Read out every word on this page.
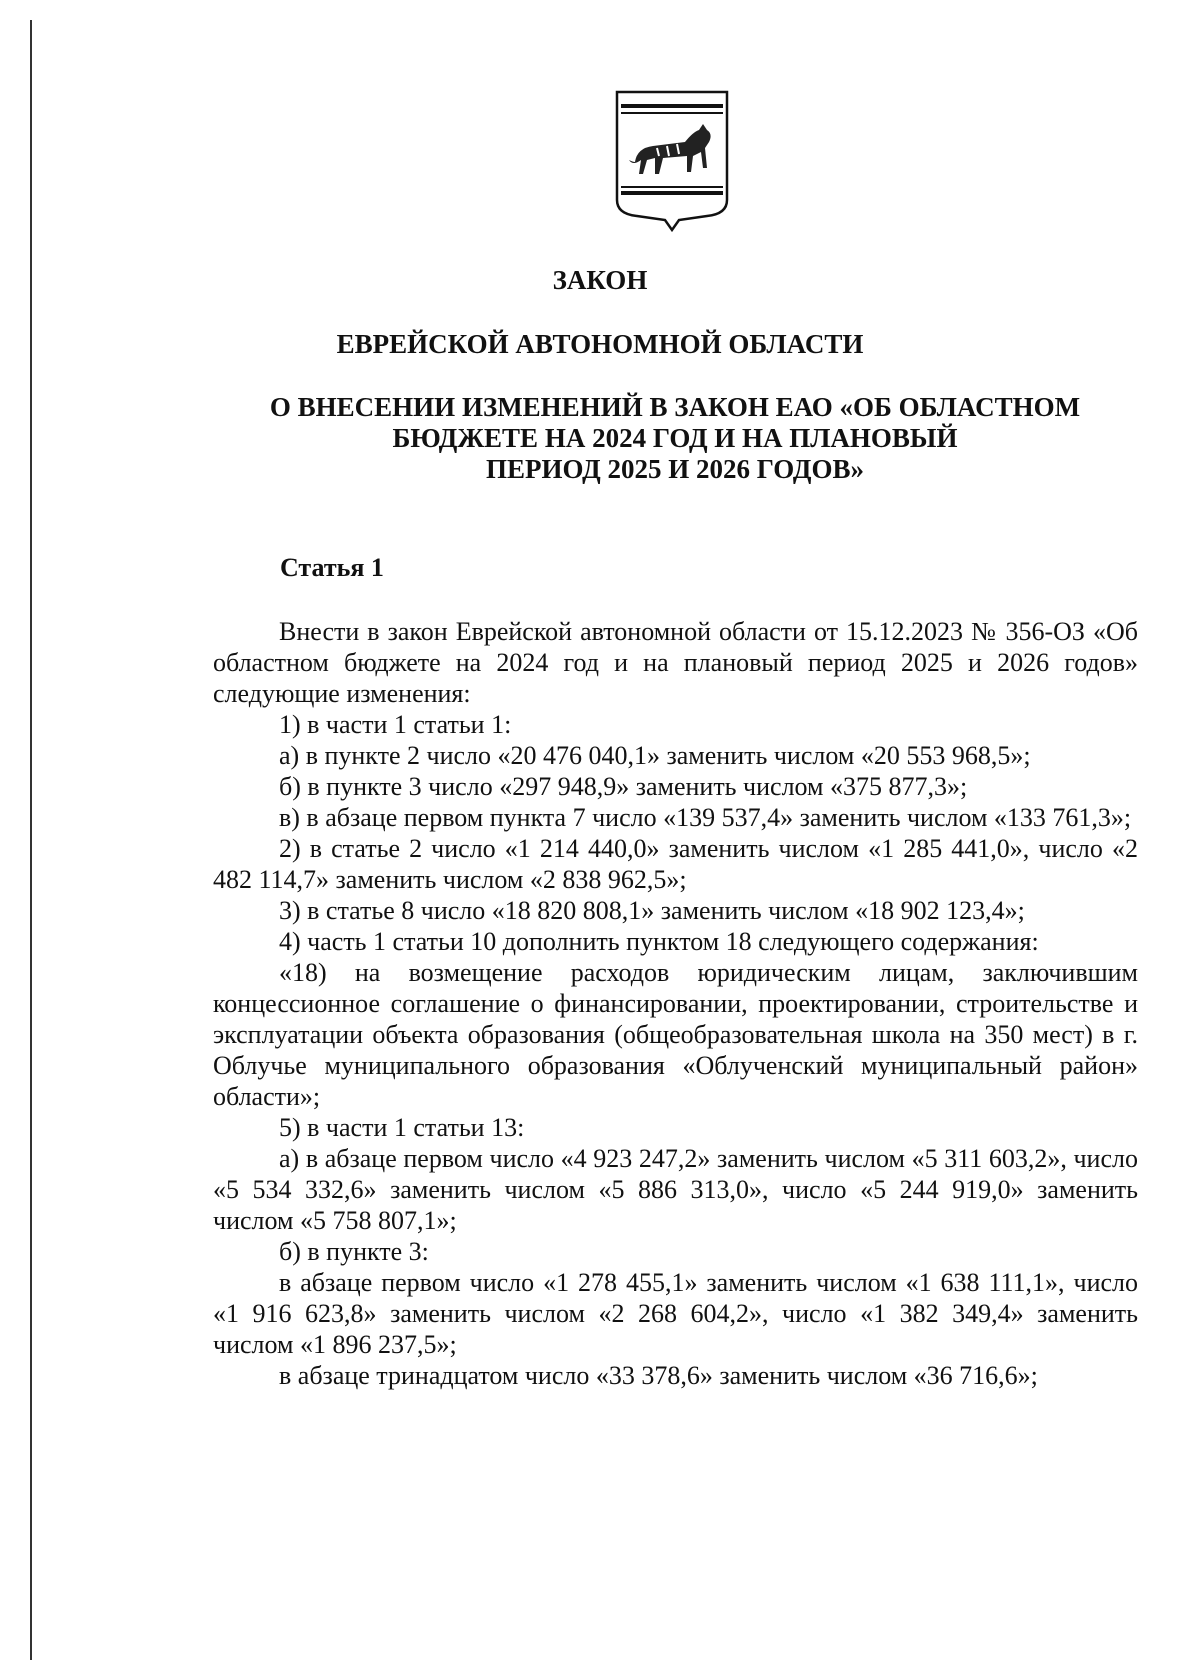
ЗАКОН
ЕВРЕЙСКОЙ АВТОНОМНОЙ ОБЛАСТИ
О ВНЕСЕНИИ ИЗМЕНЕНИЙ В ЗАКОН ЕАО «ОБ ОБЛАСТНОМ
БЮДЖЕТЕ НА 2024 ГОД И НА ПЛАНОВЫЙ
ПЕРИОД 2025 И 2026 ГОДОВ»
Статья 1

Внести в закон Еврейской автономной области от 15.12.2023 № 356-ОЗ «Об областном бюджете на 2024 год и на плановый период 2025 и 2026 годов» следующие изменения:

1) в части 1 статьи 1:

а) в пункте 2 число «20 476 040,1» заменить числом «20 553 968,5»;

б) в пункте 3 число «297 948,9» заменить числом «375 877,3»;

в) в абзаце первом пункта 7 число «139 537,4» заменить числом «133 761,3»;

2) в статье 2 число «1 214 440,0» заменить числом «1 285 441,0», число «2 482 114,7» заменить числом «2 838 962,5»;

3) в статье 8 число «18 820 808,1» заменить числом «18 902 123,4»;

4) часть 1 статьи 10 дополнить пунктом 18 следующего содержания:

«18) на возмещение расходов юридическим лицам, заключившим концессионное соглашение о финансировании, проектировании, строительстве и эксплуатации объекта образования (общеобразовательная школа на 350 мест) в г. Облучье муниципального образования «Облученский муниципальный район» области»;

5) в части 1 статьи 13:

а) в абзаце первом число «4 923 247,2» заменить числом «5 311 603,2», число «5 534 332,6» заменить числом «5 886 313,0», число «5 244 919,0» заменить числом «5 758 807,1»;

б) в пункте 3:

в абзаце первом число «1 278 455,1» заменить числом «1 638 111,1», число «1 916 623,8» заменить числом «2 268 604,2», число «1 382 349,4» заменить числом «1 896 237,5»;

в абзаце тринадцатом число «33 378,6» заменить числом «36 716,6»;
